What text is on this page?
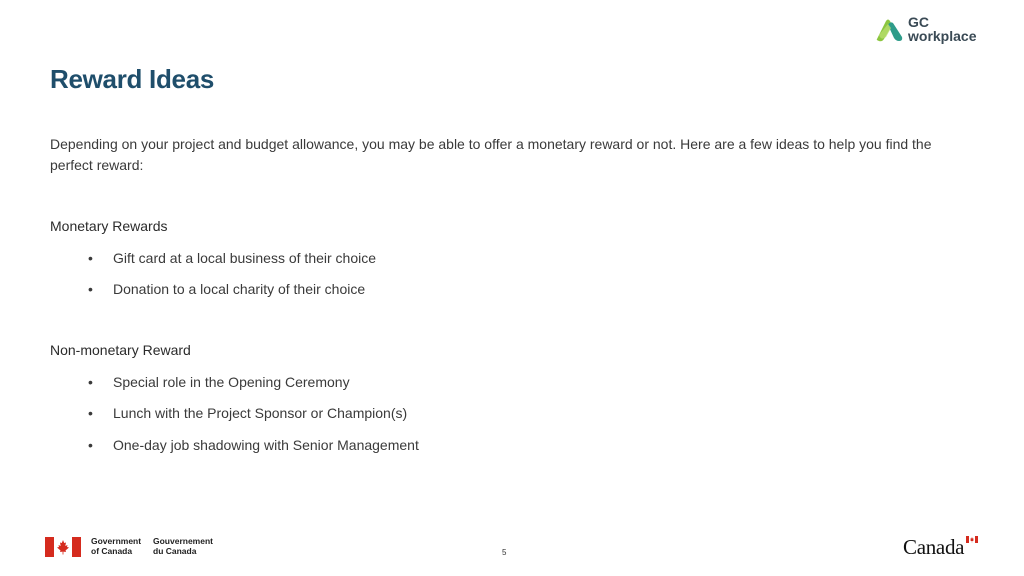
GC
workplace
Reward Ideas
Depending on your project and budget allowance, you may be able to offer a monetary reward or not. Here are a few ideas to help you find the perfect reward:
Monetary Rewards
• Gift card at a local business of their choice
• Donation to a local charity of their choice
Non-monetary Reward
• Special role in the Opening Ceremony
• Lunch with the Project Sponsor or Champion(s)
• One-day job shadowing with Senior Management
Government
of Canada
Gouvernement
du Canada	5	Canada
